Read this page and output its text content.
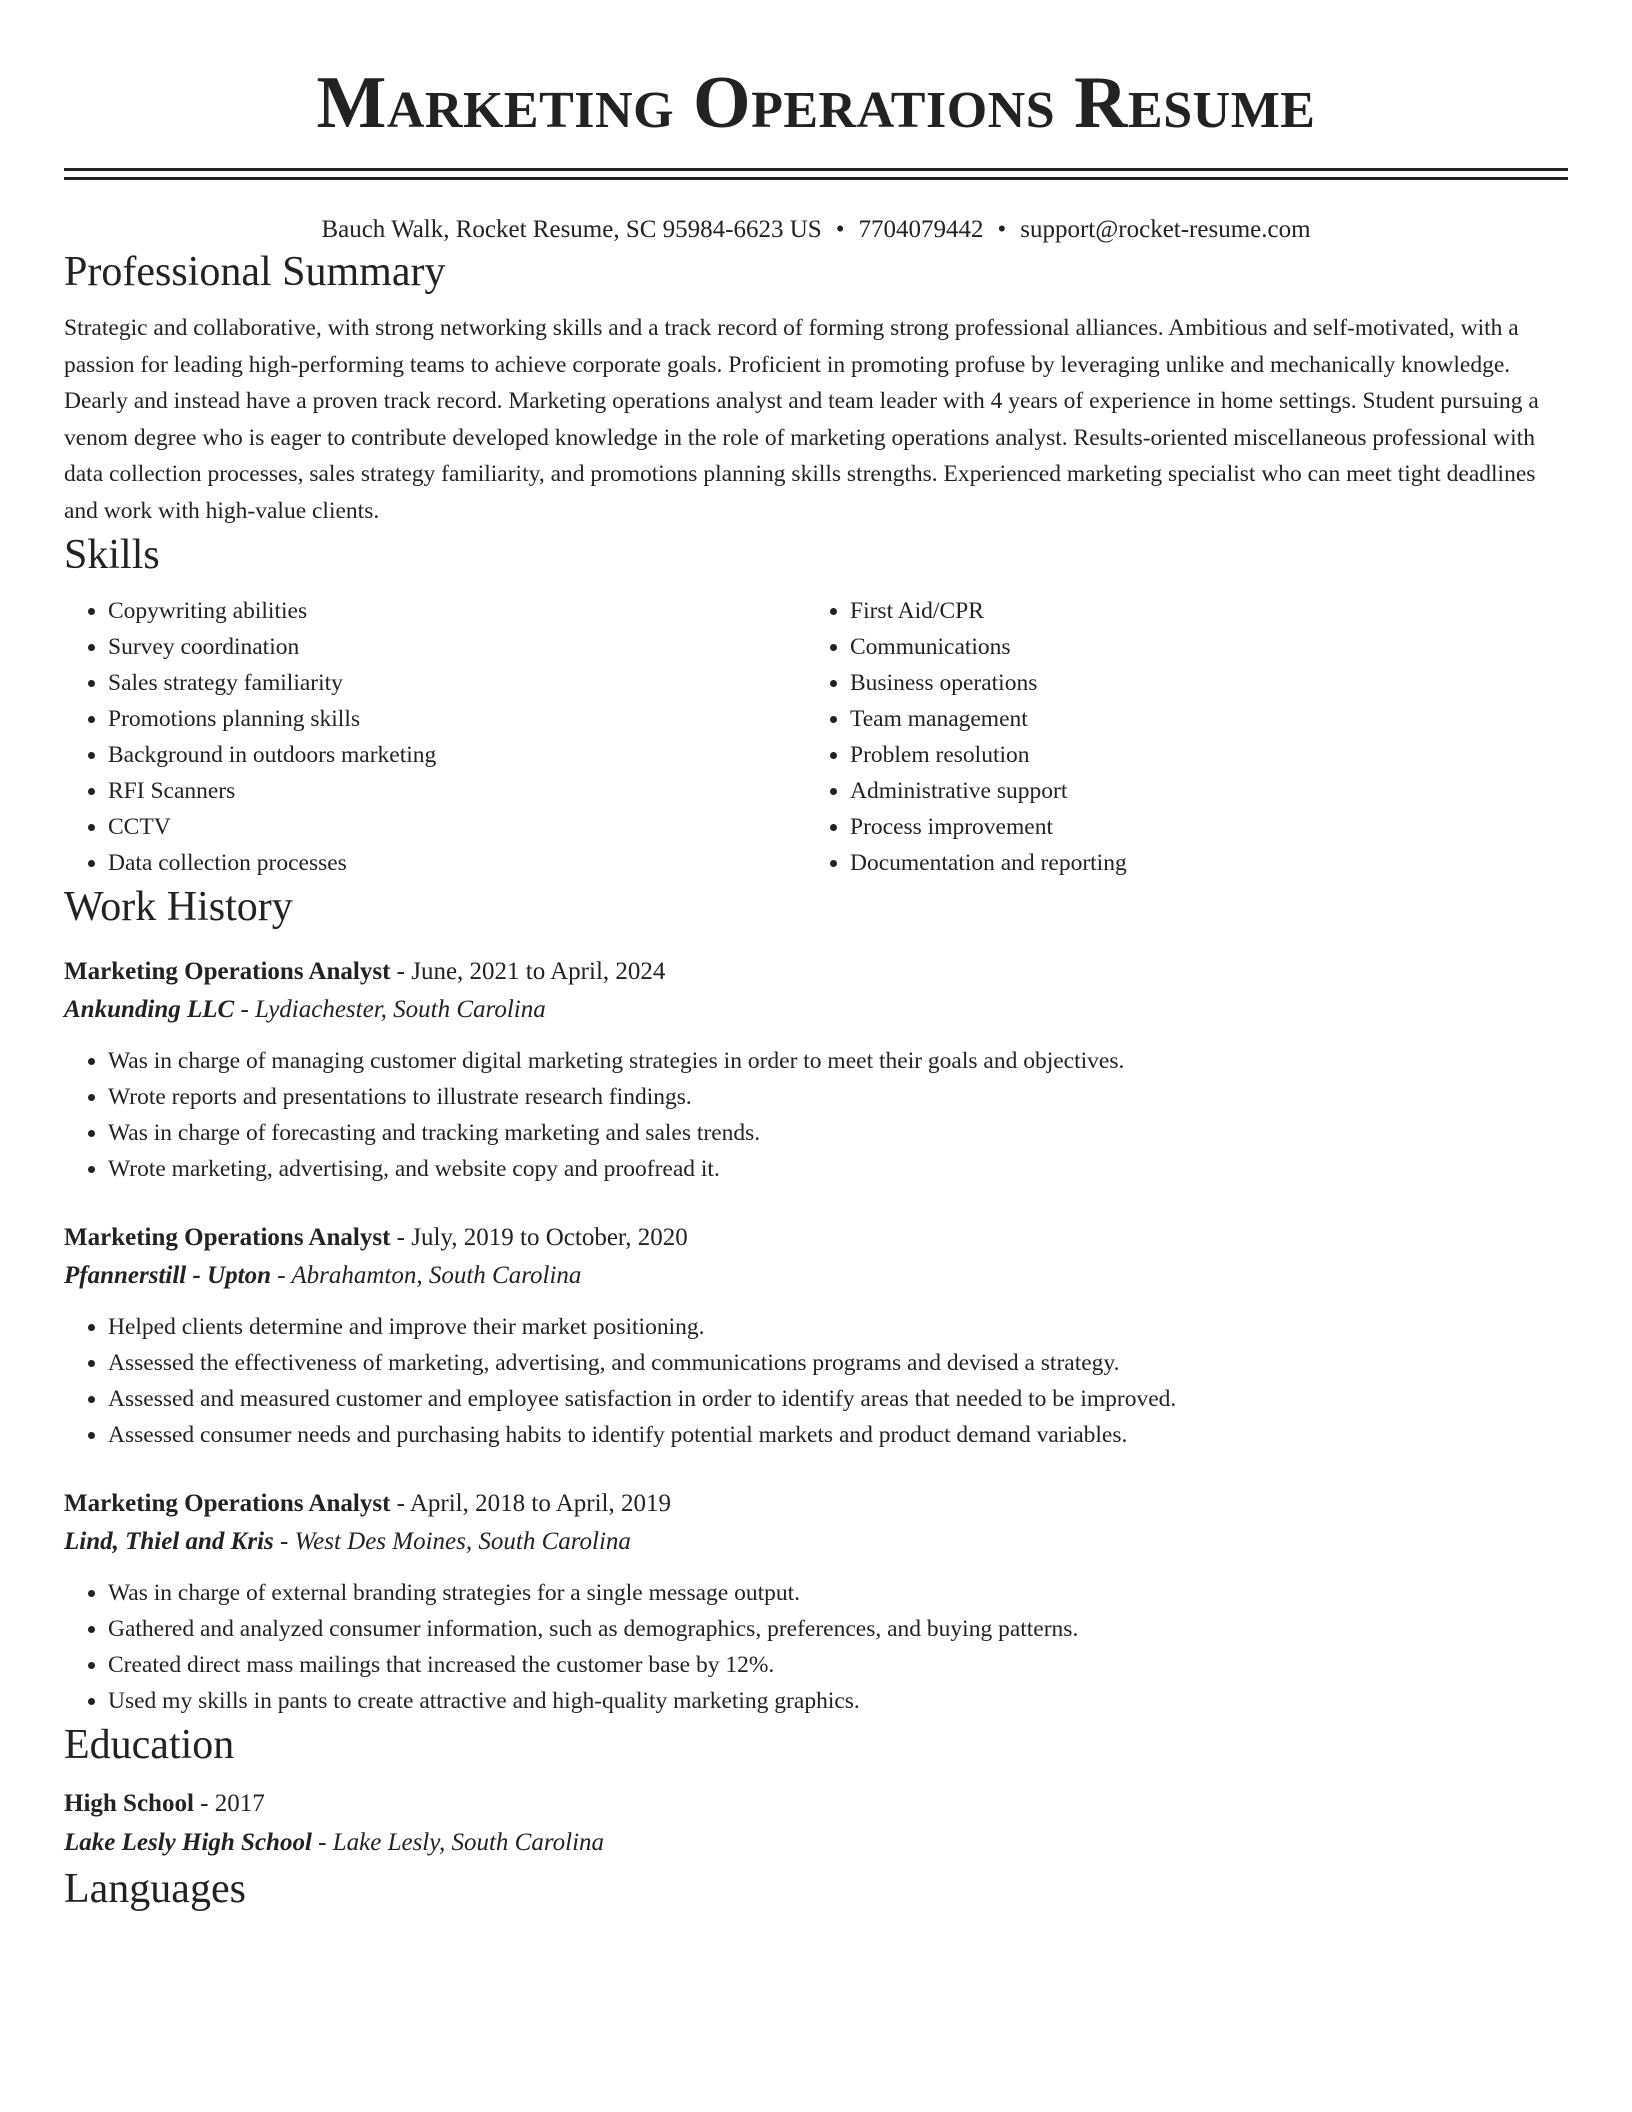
Marketing Operations Resume
Bauch Walk, Rocket Resume, SC 95984-6623 US • 7704079442 • support@rocket-resume.com
Professional Summary

Strategic and collaborative, with strong networking skills and a track record of forming strong professional alliances. Ambitious and self-motivated, with a passion for leading high-performing teams to achieve corporate goals. Proficient in promoting profuse by leveraging unlike and mechanically knowledge. Dearly and instead have a proven track record. Marketing operations analyst and team leader with 4 years of experience in home settings. Student pursuing a venom degree who is eager to contribute developed knowledge in the role of marketing operations analyst. Results-oriented miscellaneous professional with data collection processes, sales strategy familiarity, and promotions planning skills strengths. Experienced marketing specialist who can meet tight deadlines and work with high-value clients.

Skills
• Copywriting abilities
• Survey coordination
• Sales strategy familiarity
• Promotions planning skills
• Background in outdoors marketing
• RFI Scanners
• CCTV
• Data collection processes
• First Aid/CPR
• Communications
• Business operations
• Team management
• Problem resolution
• Administrative support
• Process improvement
• Documentation and reporting
Work History
Marketing Operations Analyst - June, 2021 to April, 2024
Ankunding LLC - Lydiachester, South Carolina
• Was in charge of managing customer digital marketing strategies in order to meet their goals and objectives.
• Wrote reports and presentations to illustrate research findings.
• Was in charge of forecasting and tracking marketing and sales trends.
• Wrote marketing, advertising, and website copy and proofread it.
Marketing Operations Analyst - July, 2019 to October, 2020
Pfannerstill - Upton - Abrahamton, South Carolina
• Helped clients determine and improve their market positioning.
• Assessed the effectiveness of marketing, advertising, and communications programs and devised a strategy.
• Assessed and measured customer and employee satisfaction in order to identify areas that needed to be improved.
• Assessed consumer needs and purchasing habits to identify potential markets and product demand variables.
Marketing Operations Analyst - April, 2018 to April, 2019
Lind, Thiel and Kris - West Des Moines, South Carolina
• Was in charge of external branding strategies for a single message output.
• Gathered and analyzed consumer information, such as demographics, preferences, and buying patterns.
• Created direct mass mailings that increased the customer base by 12%.
• Used my skills in pants to create attractive and high-quality marketing graphics.
Education
High School - 2017
Lake Lesly High School - Lake Lesly, South Carolina
Languages
